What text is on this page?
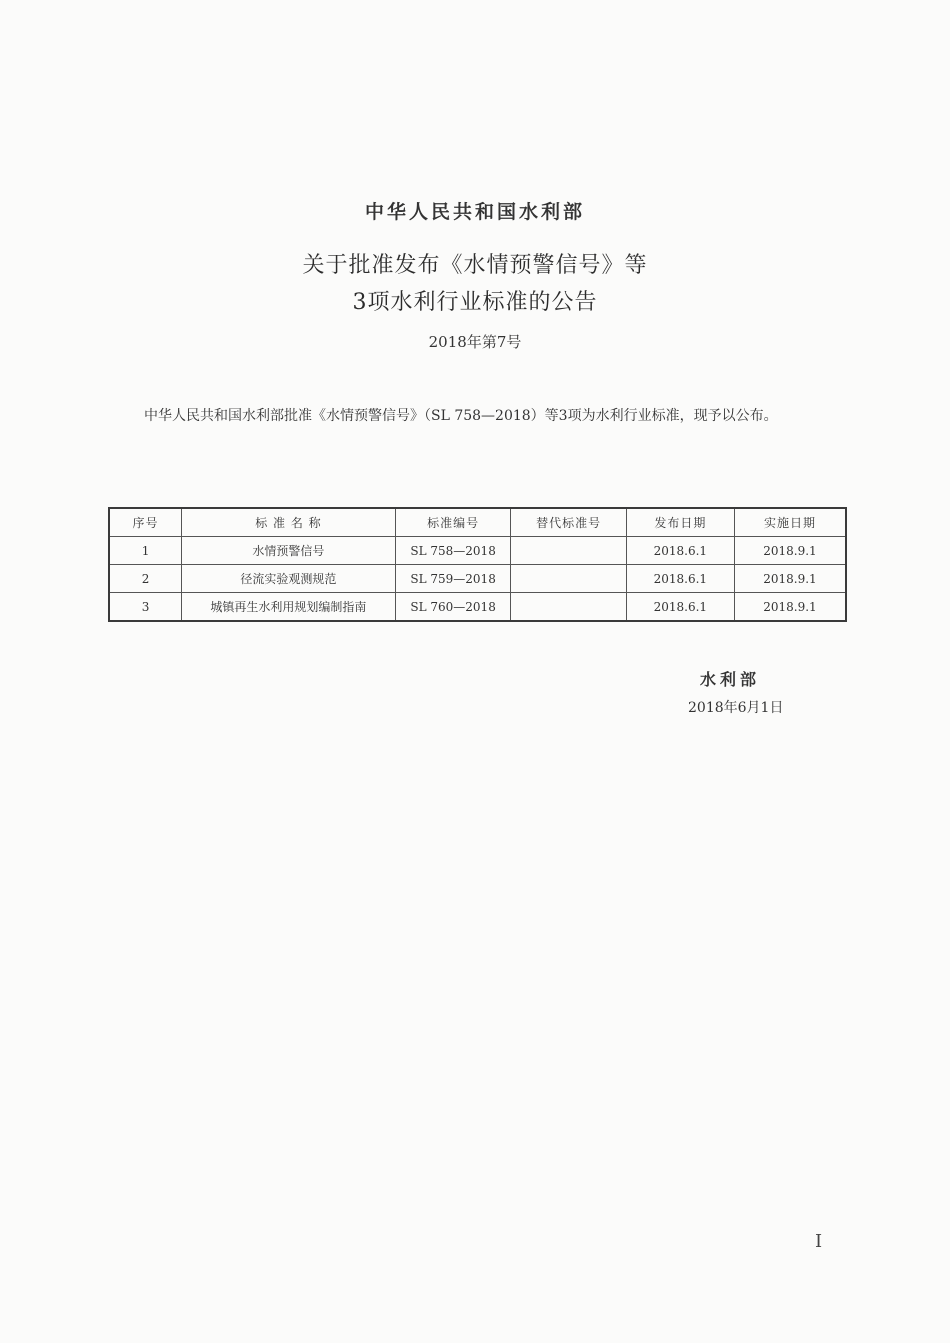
中华人民共和国水利部
关于批准发布《水情预警信号》等
3项水利行业标准的公告
2018年第7号
中华人民共和国水利部批准《水情预警信号》（SL 758—2018）等3项为水利行业标准，现予以公布。
序号	标 准 名 称	标准编号	替代标准号	发布日期	实施日期
1	水情预警信号	SL 758—2018		2018.6.1	2018.9.1
2	径流实验观测规范	SL 759—2018		2018.6.1	2018.9.1
3	城镇再生水利用规划编制指南	SL 760—2018		2018.6.1	2018.9.1
水利部
2018年6月1日
I
